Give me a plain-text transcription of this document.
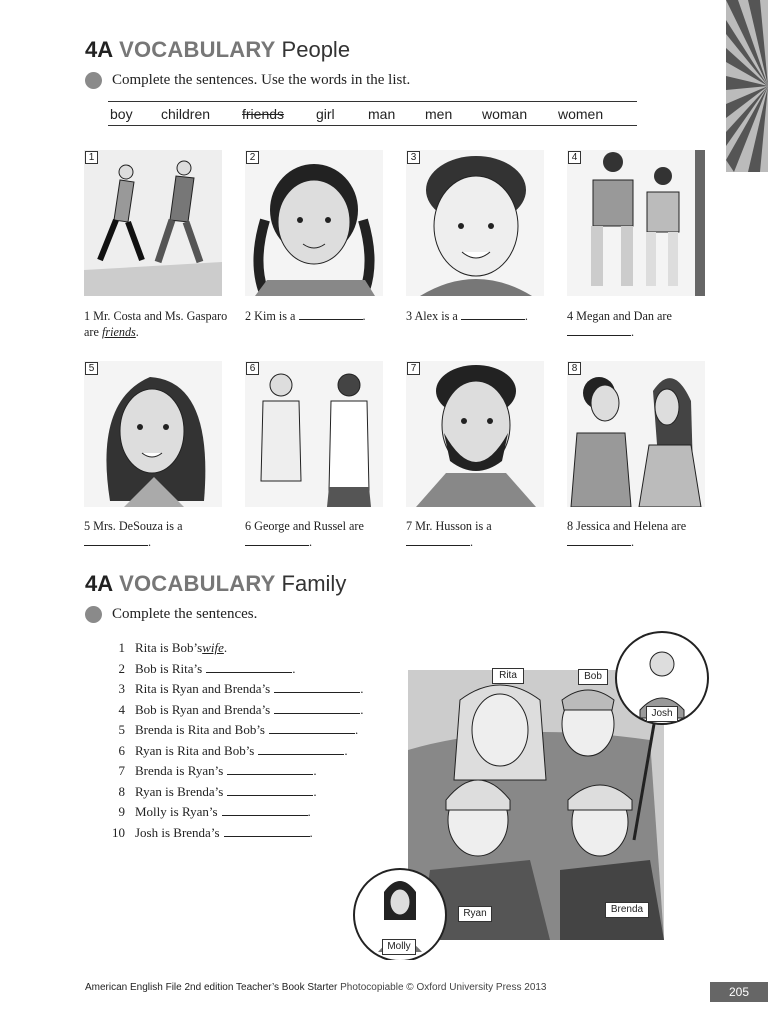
4A VOCABULARY People
Complete the sentences. Use the words in the list.
boy children friends girl man men woman women
1	2	3	4
1 Mr. Costa and Ms. Gasparo are friends.
2 Kim is a	.	3 Alex is a	.	4 Megan and Dan are .
5	6	7	8
5 Mrs. DeSouza is a .
6 George and Russel are .
7 Mr. Husson is a .
8 Jessica and Helena are .
4A VOCABULARY Family
Complete the sentences.
1 Rita is Bob’s wife .
2 Bob is Rita’s	.
3 Rita is Ryan and Brenda’s	.
4 Bob is Ryan and Brenda’s	.
5 Brenda is Rita and Bob’s	.
6 Ryan is Rita and Bob’s	.
7 Brenda is Ryan’s	.
8 Ryan is Brenda’s	.
9 Molly is Ryan’s	.
10 Josh is Brenda’s	.
Rita	Bob
Josh
Ryan	Brenda
Molly
American English File 2nd edition Teacher’s Book Starter Photocopiable © Oxford University Press 2013	205
